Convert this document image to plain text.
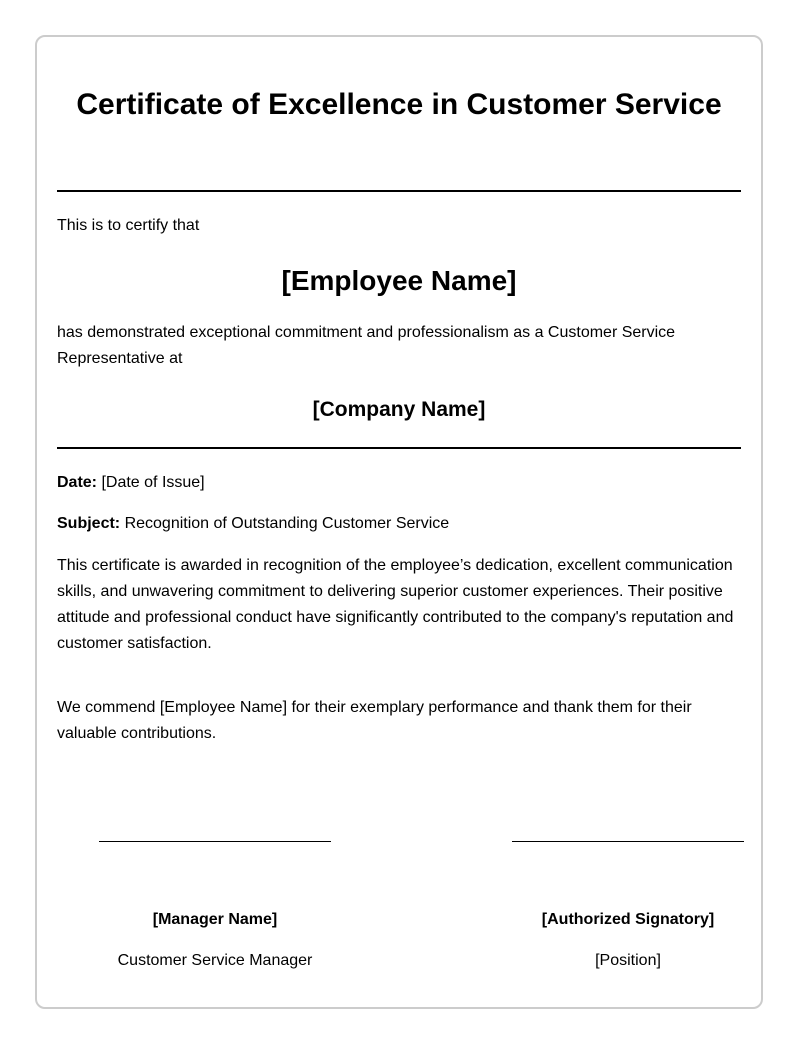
Certificate of Excellence in Customer Service

This is to certify that

[Employee Name]

has demonstrated exceptional commitment and professionalism as a Customer Service Representative at

[Company Name]

Date: [Date of Issue]

Subject: Recognition of Outstanding Customer Service

This certificate is awarded in recognition of the employee’s dedication, excellent communication skills, and unwavering commitment to delivering superior customer experiences. Their positive attitude and professional conduct have significantly contributed to the company's reputation and customer satisfaction.

We commend [Employee Name] for their exemplary performance and thank them for their valuable contributions.

[Manager Name]
Customer Service Manager
[Authorized Signatory]
[Position]
